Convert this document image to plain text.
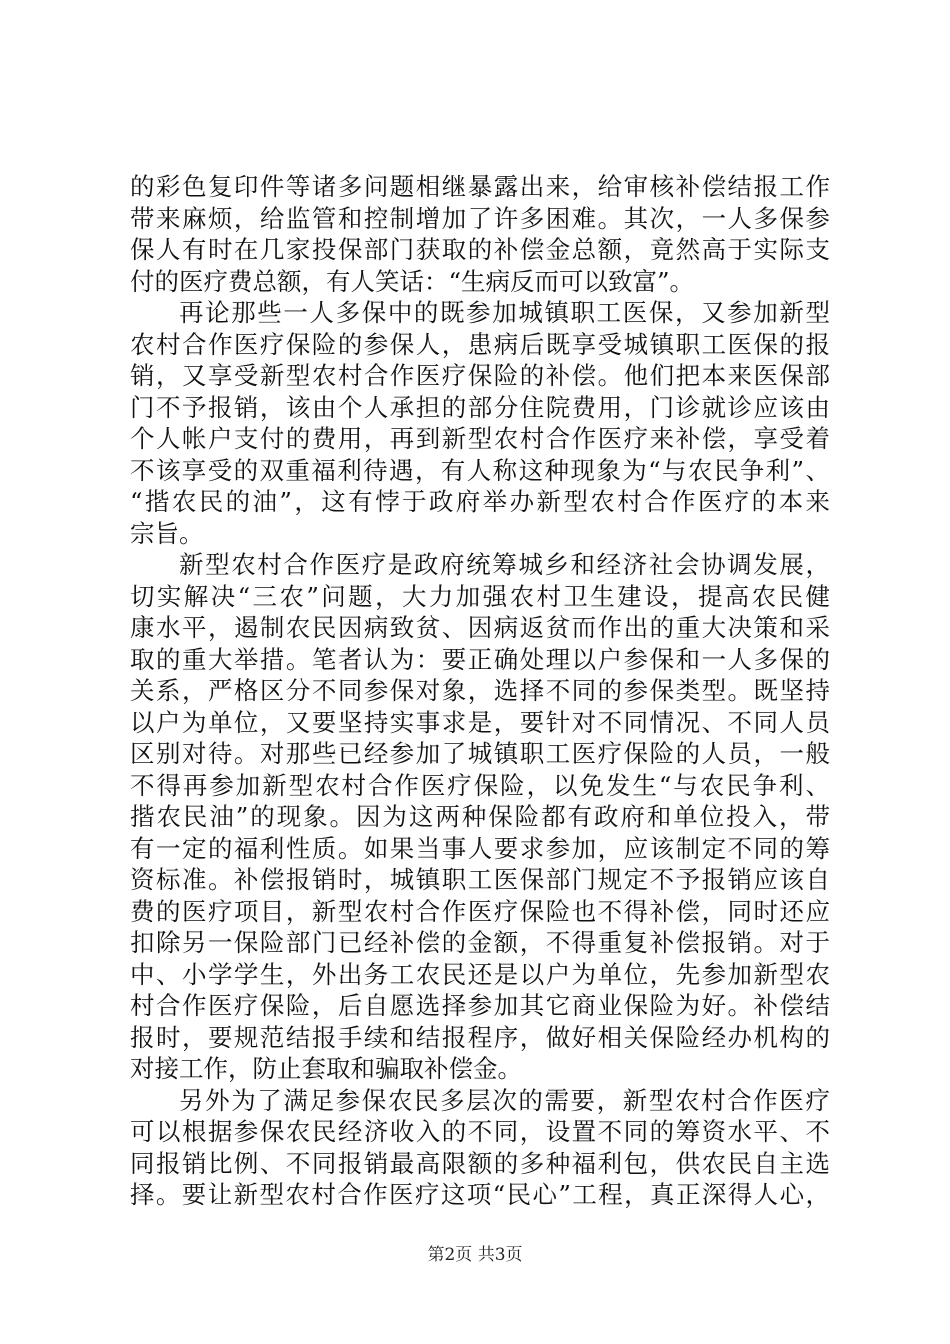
的彩色复印件等诸多问题相继暴露出来，给审核补偿结报工作
带来麻烦，给监管和控制增加了许多困难。其次，一人多保参
保人有时在几家投保部门获取的补偿金总额，竟然高于实际支
付的医疗费总额，有人笑话：“生病反而可以致富”。
再论那些一人多保中的既参加城镇职工医保，又参加新型
农村合作医疗保险的参保人，患病后既享受城镇职工医保的报
销，又享受新型农村合作医疗保险的补偿。他们把本来医保部
门不予报销，该由个人承担的部分住院费用，门诊就诊应该由
个人帐户支付的费用，再到新型农村合作医疗来补偿，享受着
不该享受的双重福利待遇，有人称这种现象为“与农民争利”、
“揩农民的油”，这有悖于政府举办新型农村合作医疗的本来
宗旨。
新型农村合作医疗是政府统筹城乡和经济社会协调发展，
切实解决“三农”问题，大力加强农村卫生建设，提高农民健
康水平，遏制农民因病致贫、因病返贫而作出的重大决策和采
取的重大举措。笔者认为：要正确处理以户参保和一人多保的
关系，严格区分不同参保对象，选择不同的参保类型。既坚持
以户为单位，又要坚持实事求是，要针对不同情况、不同人员
区别对待。对那些已经参加了城镇职工医疗保险的人员，一般
不得再参加新型农村合作医疗保险，以免发生“与农民争利、
揩农民油”的现象。因为这两种保险都有政府和单位投入，带
有一定的福利性质。如果当事人要求参加，应该制定不同的筹
资标准。补偿报销时，城镇职工医保部门规定不予报销应该自
费的医疗项目，新型农村合作医疗保险也不得补偿，同时还应
扣除另一保险部门已经补偿的金额，不得重复补偿报销。对于
中、小学学生，外出务工农民还是以户为单位，先参加新型农
村合作医疗保险，后自愿选择参加其它商业保险为好。补偿结
报时，要规范结报手续和结报程序，做好相关保险经办机构的
对接工作，防止套取和骗取补偿金。
另外为了满足参保农民多层次的需要，新型农村合作医疗
可以根据参保农民经济收入的不同，设置不同的筹资水平、不
同报销比例、不同报销最高限额的多种福利包，供农民自主选
择。要让新型农村合作医疗这项“民心”工程，真正深得人心，
第2页 共3页
